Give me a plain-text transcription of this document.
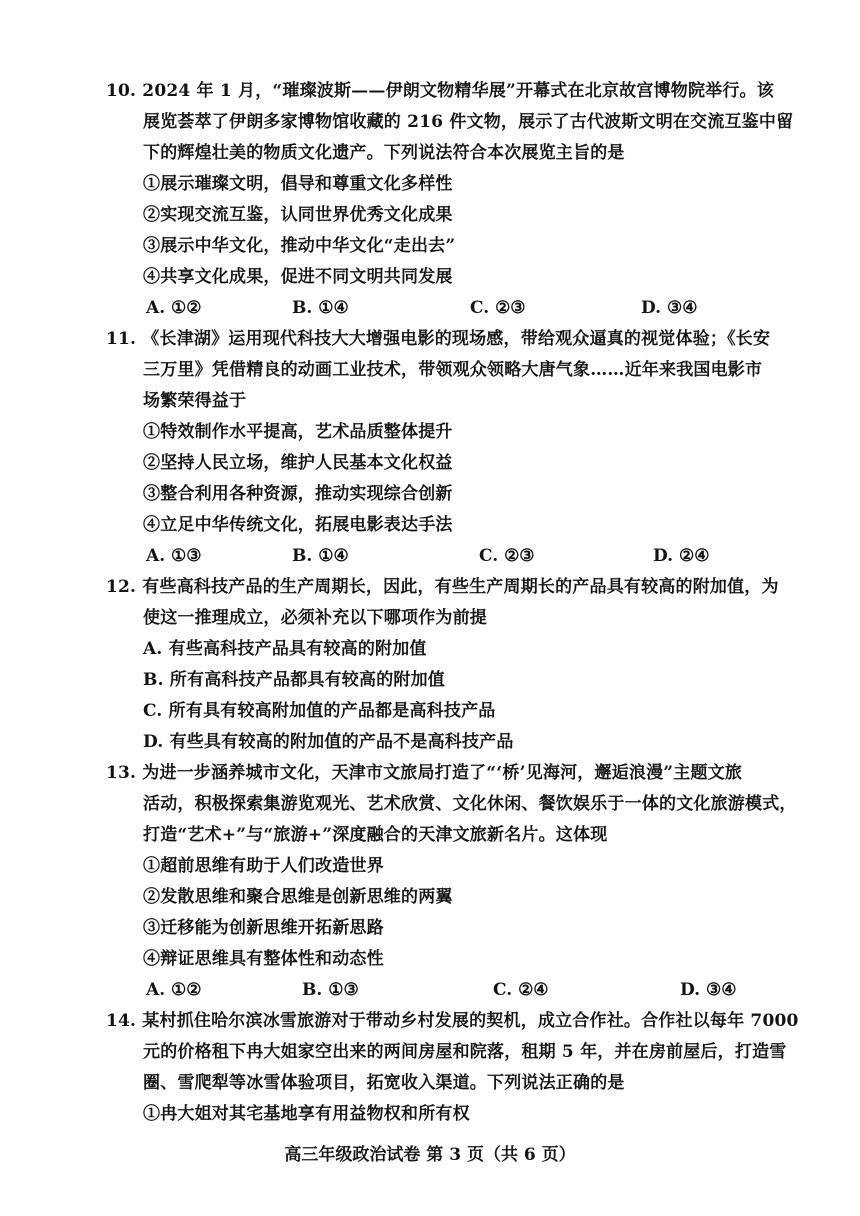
10. 2024 年 1 月，“璀璨波斯——伊朗文物精华展”开幕式在北京故宫博物院举行。该
展览荟萃了伊朗多家博物馆收藏的 216 件文物，展示了古代波斯文明在交流互鉴中留
下的辉煌壮美的物质文化遗产。下列说法符合本次展览主旨的是
①展示璀璨文明，倡导和尊重文化多样性
②实现交流互鉴，认同世界优秀文化成果
③展示中华文化，推动中华文化“走出去”
④共享文化成果，促进不同文明共同发展
A. ①②	B. ①④	C. ②③	D. ③④
11. 《长津湖》运用现代科技大大增强电影的现场感，带给观众逼真的视觉体验；《长安
三万里》凭借精良的动画工业技术，带领观众领略大唐气象……近年来我国电影市
场繁荣得益于
①特效制作水平提高，艺术品质整体提升
②坚持人民立场，维护人民基本文化权益
③整合利用各种资源，推动实现综合创新
④立足中华传统文化，拓展电影表达手法
A. ①③	B. ①④	C. ②③	D. ②④
12. 有些高科技产品的生产周期长，因此，有些生产周期长的产品具有较高的附加值，为
使这一推理成立，必须补充以下哪项作为前提
A. 有些高科技产品具有较高的附加值
B. 所有高科技产品都具有较高的附加值
C. 所有具有较高附加值的产品都是高科技产品
D. 有些具有较高的附加值的产品不是高科技产品
13. 为进一步涵养城市文化，天津市文旅局打造了“‘桥’见海河，邂逅浪漫”主题文旅
活动，积极探索集游览观光、艺术欣赏、文化休闲、餐饮娱乐于一体的文化旅游模式，
打造“艺术+”与“旅游+”深度融合的天津文旅新名片。这体现
①超前思维有助于人们改造世界
②发散思维和聚合思维是创新思维的两翼
③迁移能为创新思维开拓新思路
④辩证思维具有整体性和动态性
A. ①②	B. ①③	C. ②④	D. ③④
14. 某村抓住哈尔滨冰雪旅游对于带动乡村发展的契机，成立合作社。合作社以每年 7000
元的价格租下冉大姐家空出来的两间房屋和院落，租期 5 年，并在房前屋后，打造雪
圈、雪爬犁等冰雪体验项目，拓宽收入渠道。下列说法正确的是
①冉大姐对其宅基地享有用益物权和所有权
高三年级政治试卷 第 3 页（共 6 页）
